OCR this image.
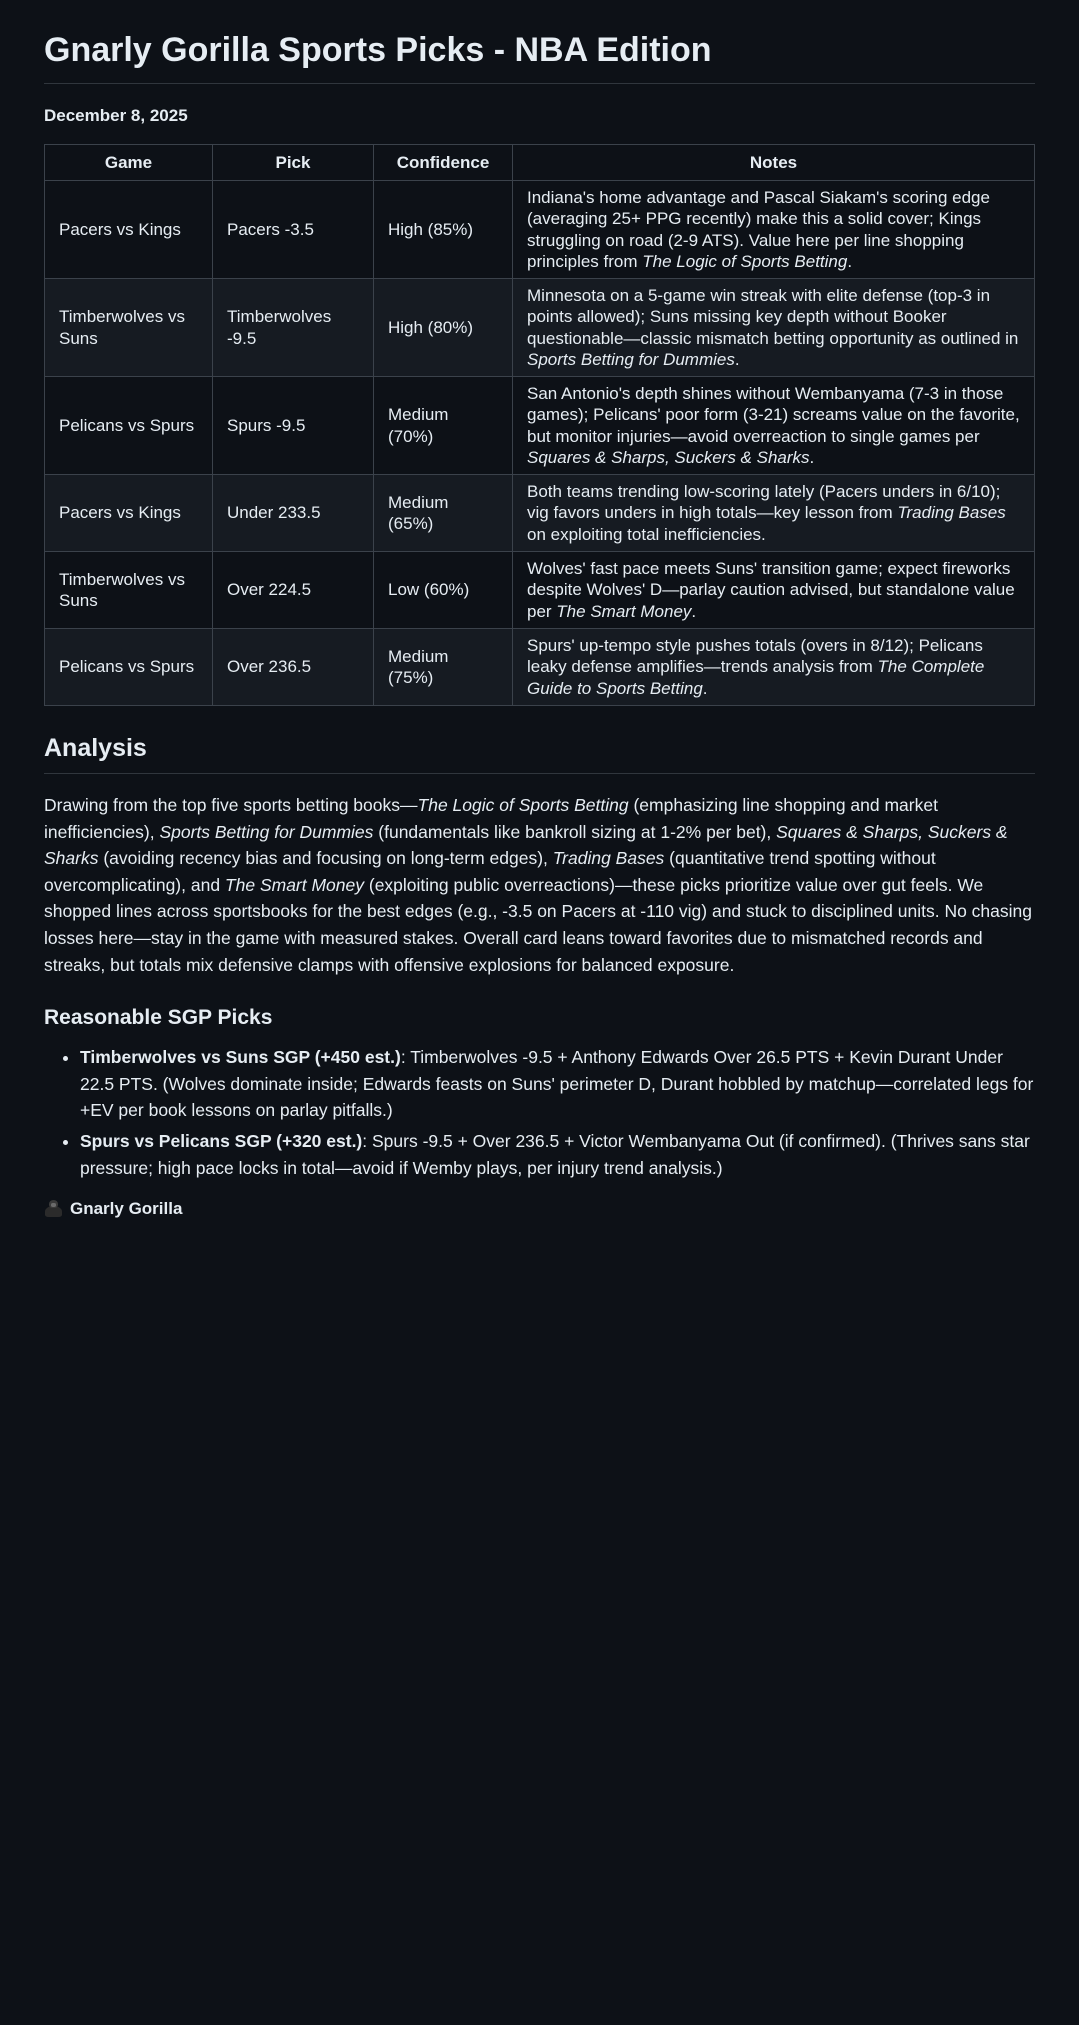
Gnarly Gorilla Sports Picks - NBA Edition
December 8, 2025
Game	Pick	Confidence	Notes
Pacers vs Kings	Pacers -3.5	High (85%)	Indiana's home advantage and Pascal Siakam's scoring edge (averaging 25+ PPG recently) make this a solid cover; Kings struggling on road (2-9 ATS). Value here per line shopping principles from The Logic of Sports Betting.
Timberwolves vs Suns	Timberwolves -9.5	High (80%)	Minnesota on a 5-game win streak with elite defense (top-3 in points allowed); Suns missing key depth without Booker questionable—classic mismatch betting opportunity as outlined in Sports Betting for Dummies.
Pelicans vs Spurs	Spurs -9.5	Medium (70%)	San Antonio's depth shines without Wembanyama (7-3 in those games); Pelicans' poor form (3-21) screams value on the favorite, but monitor injuries—avoid overreaction to single games per Squares & Sharps, Suckers & Sharks.
Pacers vs Kings	Under 233.5	Medium (65%)	Both teams trending low-scoring lately (Pacers unders in 6/10); vig favors unders in high totals—key lesson from Trading Bases on exploiting total inefficiencies.
Timberwolves vs Suns	Over 224.5	Low (60%)	Wolves' fast pace meets Suns' transition game; expect fireworks despite Wolves' D—parlay caution advised, but standalone value per The Smart Money.
Pelicans vs Spurs	Over 236.5	Medium (75%)	Spurs' up-tempo style pushes totals (overs in 8/12); Pelicans leaky defense amplifies—trends analysis from The Complete Guide to Sports Betting.
Analysis

Drawing from the top five sports betting books—The Logic of Sports Betting (emphasizing line shopping and market inefficiencies), Sports Betting for Dummies (fundamentals like bankroll sizing at 1-2% per bet), Squares & Sharps, Suckers & Sharks (avoiding recency bias and focusing on long-term edges), Trading Bases (quantitative trend spotting without overcomplicating), and The Smart Money (exploiting public overreactions)—these picks prioritize value over gut feels. We shopped lines across sportsbooks for the best edges (e.g., -3.5 on Pacers at -110 vig) and stuck to disciplined units. No chasing losses here—stay in the game with measured stakes. Overall card leans toward favorites due to mismatched records and streaks, but totals mix defensive clamps with offensive explosions for balanced exposure.

Reasonable SGP Picks
• Timberwolves vs Suns SGP (+450 est.): Timberwolves -9.5 + Anthony Edwards Over 26.5 PTS + Kevin Durant Under 22.5 PTS. (Wolves dominate inside; Edwards feasts on Suns' perimeter D, Durant hobbled by matchup—correlated legs for +EV per book lessons on parlay pitfalls.)
• Spurs vs Pelicans SGP (+320 est.): Spurs -9.5 + Over 236.5 + Victor Wembanyama Out (if confirmed). (Thrives sans star pressure; high pace locks in total—avoid if Wemby plays, per injury trend analysis.)
Gnarly Gorilla
